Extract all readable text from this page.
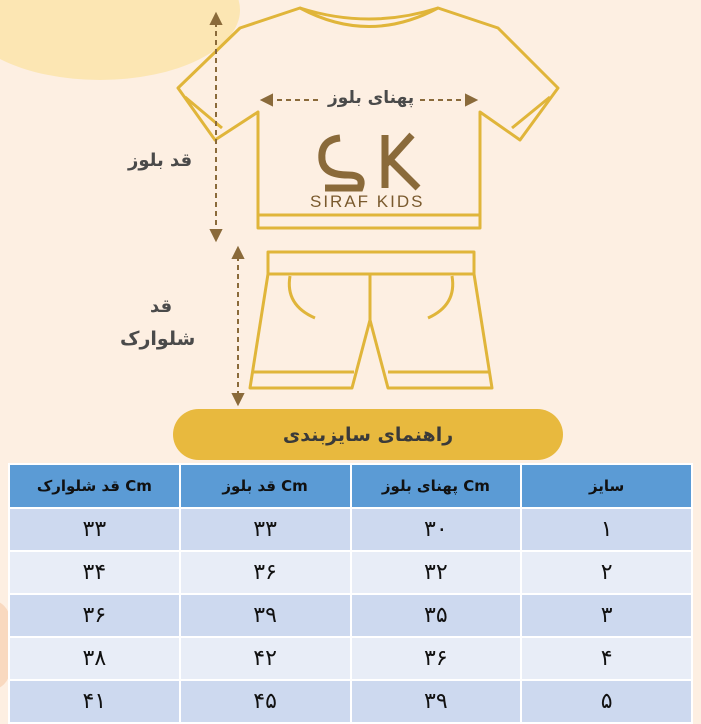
پهنای بلوز
قد بلوز
قد
شلوارک
SIRAF KIDS
راهنمای سایزبندی
قد شلوارک Cm	قد بلوز Cm	پهنای بلوز Cm	سایز
۳۳	۳۳	۳۰	۱
۳۴	۳۶	۳۲	۲
۳۶	۳۹	۳۵	۳
۳۸	۴۲	۳۶	۴
۴۱	۴۵	۳۹	۵
